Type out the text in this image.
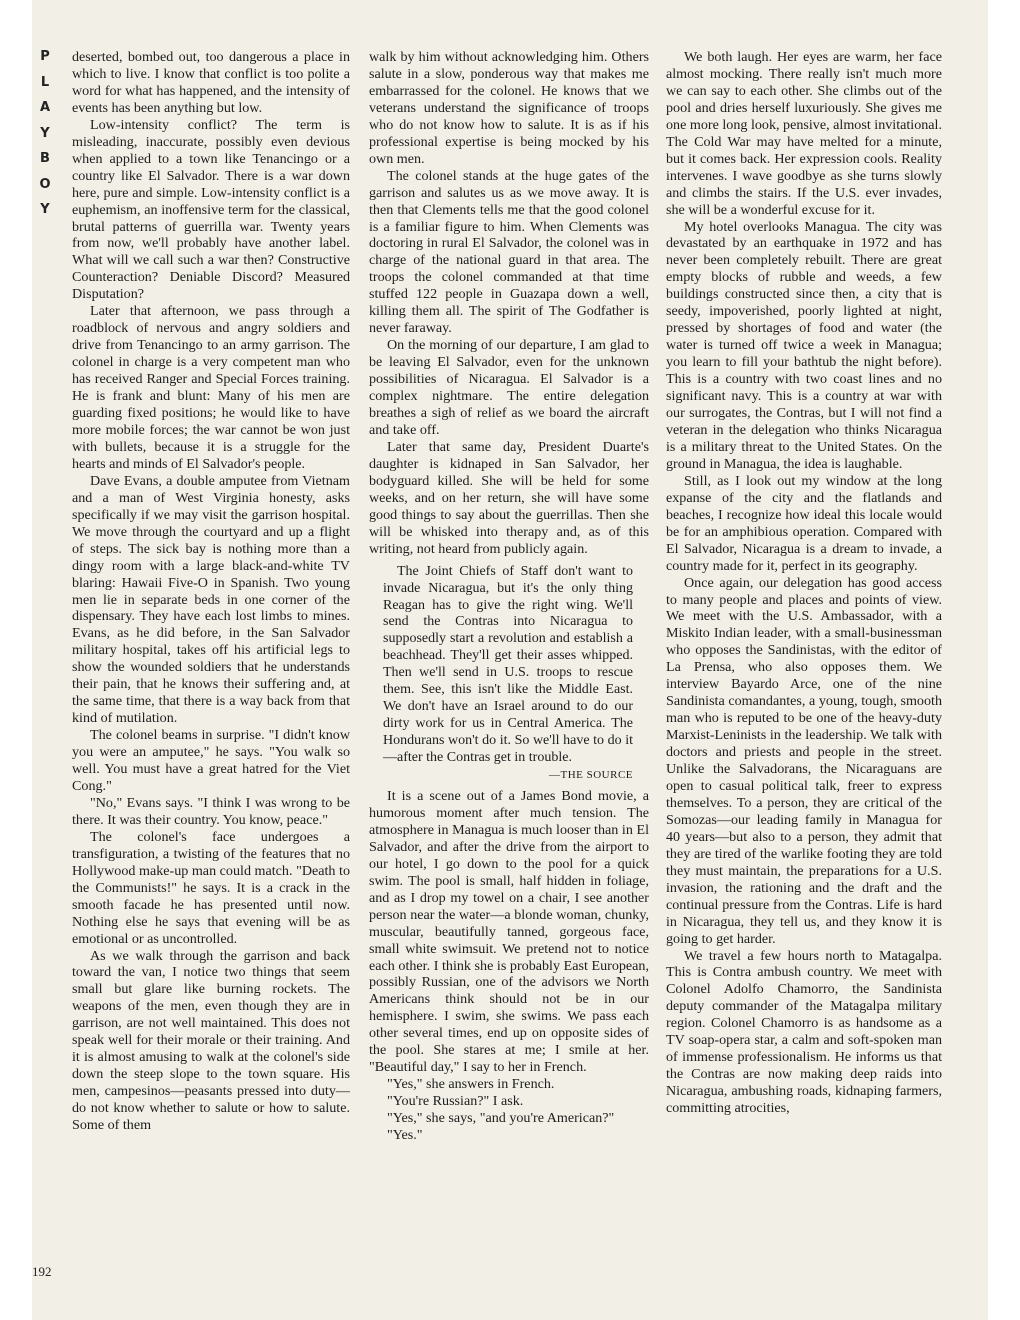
P
L
A
Y
B
O
Y
192

deserted, bombed out, too dangerous a place in which to live. I know that conflict is too polite a word for what has happened, and the intensity of events has been anything but low.

Low-intensity conflict? The term is misleading, inaccurate, possibly even devious when applied to a town like Tenancingo or a country like El Salvador. There is a war down here, pure and simple. Low-intensity conflict is a euphemism, an inoffensive term for the classical, brutal patterns of guerrilla war. Twenty years from now, we'll probably have another label. What will we call such a war then? Constructive Counteraction? Deniable Discord? Measured Disputation?

Later that afternoon, we pass through a roadblock of nervous and angry soldiers and drive from Tenancingo to an army garrison. The colonel in charge is a very competent man who has received Ranger and Special Forces training. He is frank and blunt: Many of his men are guarding fixed positions; he would like to have more mobile forces; the war cannot be won just with bullets, because it is a struggle for the hearts and minds of El Salvador's people.

Dave Evans, a double amputee from Vietnam and a man of West Virginia honesty, asks specifically if we may visit the garrison hospital. We move through the courtyard and up a flight of steps. The sick bay is nothing more than a dingy room with a large black-and-white TV blaring: Hawaii Five-O in Spanish. Two young men lie in separate beds in one corner of the dispensary. They have each lost limbs to mines. Evans, as he did before, in the San Salvador military hospital, takes off his artificial legs to show the wounded soldiers that he understands their pain, that he knows their suffering and, at the same time, that there is a way back from that kind of mutilation.

The colonel beams in surprise. "I didn't know you were an amputee," he says. "You walk so well. You must have a great hatred for the Viet Cong."

"No," Evans says. "I think I was wrong to be there. It was their country. You know, peace."

The colonel's face undergoes a transfiguration, a twisting of the features that no Hollywood make-up man could match. "Death to the Communists!" he says. It is a crack in the smooth facade he has presented until now. Nothing else he says that evening will be as emotional or as uncontrolled.

As we walk through the garrison and back toward the van, I notice two things that seem small but glare like burning rockets. The weapons of the men, even though they are in garrison, are not well maintained. This does not speak well for their morale or their training. And it is almost amusing to walk at the colonel's side down the steep slope to the town square. His men, campesinos—peasants pressed into duty—do not know whether to salute or how to salute. Some of them

walk by him without acknowledging him. Others salute in a slow, ponderous way that makes me embarrassed for the colonel. He knows that we veterans understand the significance of troops who do not know how to salute. It is as if his professional expertise is being mocked by his own men.

The colonel stands at the huge gates of the garrison and salutes us as we move away. It is then that Clements tells me that the good colonel is a familiar figure to him. When Clements was doctoring in rural El Salvador, the colonel was in charge of the national guard in that area. The troops the colonel commanded at that time stuffed 122 people in Guazapa down a well, killing them all. The spirit of The Godfather is never faraway.

On the morning of our departure, I am glad to be leaving El Salvador, even for the unknown possibilities of Nicaragua. El Salvador is a complex nightmare. The entire delegation breathes a sigh of relief as we board the aircraft and take off.

Later that same day, President Duarte's daughter is kidnaped in San Salvador, her bodyguard killed. She will be held for some weeks, and on her return, she will have some good things to say about the guerrillas. Then she will be whisked into therapy and, as of this writing, not heard from publicly again.

The Joint Chiefs of Staff don't want to invade Nicaragua, but it's the only thing Reagan has to give the right wing. We'll send the Contras into Nicaragua to supposedly start a revolution and establish a beachhead. They'll get their asses whipped. Then we'll send in U.S. troops to rescue them. See, this isn't like the Middle East. We don't have an Israel around to do our dirty work for us in Central America. The Hondurans won't do it. So we'll have to do it—after the Contras get in trouble.

—THE SOURCE

It is a scene out of a James Bond movie, a humorous moment after much tension. The atmosphere in Managua is much looser than in El Salvador, and after the drive from the airport to our hotel, I go down to the pool for a quick swim. The pool is small, half hidden in foliage, and as I drop my towel on a chair, I see another person near the water—a blonde woman, chunky, muscular, beautifully tanned, gorgeous face, small white swimsuit. We pretend not to notice each other. I think she is probably East European, possibly Russian, one of the advisors we North Americans think should not be in our hemisphere. I swim, she swims. We pass each other several times, end up on opposite sides of the pool. She stares at me; I smile at her. "Beautiful day," I say to her in French.

"Yes," she answers in French.

"You're Russian?" I ask.

"Yes," she says, "and you're American?"

"Yes."

We both laugh. Her eyes are warm, her face almost mocking. There really isn't much more we can say to each other. She climbs out of the pool and dries herself luxuriously. She gives me one more long look, pensive, almost invitational. The Cold War may have melted for a minute, but it comes back. Her expression cools. Reality intervenes. I wave goodbye as she turns slowly and climbs the stairs. If the U.S. ever invades, she will be a wonderful excuse for it.

My hotel overlooks Managua. The city was devastated by an earthquake in 1972 and has never been completely rebuilt. There are great empty blocks of rubble and weeds, a few buildings constructed since then, a city that is seedy, impoverished, poorly lighted at night, pressed by shortages of food and water (the water is turned off twice a week in Managua; you learn to fill your bathtub the night before). This is a country with two coast lines and no significant navy. This is a country at war with our surrogates, the Contras, but I will not find a veteran in the delegation who thinks Nicaragua is a military threat to the United States. On the ground in Managua, the idea is laughable.

Still, as I look out my window at the long expanse of the city and the flatlands and beaches, I recognize how ideal this locale would be for an amphibious operation. Compared with El Salvador, Nicaragua is a dream to invade, a country made for it, perfect in its geography.

Once again, our delegation has good access to many people and places and points of view. We meet with the U.S. Ambassador, with a Miskito Indian leader, with a small-businessman who opposes the Sandinistas, with the editor of La Prensa, who also opposes them. We interview Bayardo Arce, one of the nine Sandinista comandantes, a young, tough, smooth man who is reputed to be one of the heavy-duty Marxist-Leninists in the leadership. We talk with doctors and priests and people in the street. Unlike the Salvadorans, the Nicaraguans are open to casual political talk, freer to express themselves. To a person, they are critical of the Somozas—our leading family in Managua for 40 years—but also to a person, they admit that they are tired of the warlike footing they are told they must maintain, the preparations for a U.S. invasion, the rationing and the draft and the continual pressure from the Contras. Life is hard in Nicaragua, they tell us, and they know it is going to get harder.

We travel a few hours north to Matagalpa. This is Contra ambush country. We meet with Colonel Adolfo Chamorro, the Sandinista deputy commander of the Matagalpa military region. Colonel Chamorro is as handsome as a TV soap-opera star, a calm and soft-spoken man of immense professionalism. He informs us that the Contras are now making deep raids into Nicaragua, ambushing roads, kidnaping farmers, committing atrocities,
